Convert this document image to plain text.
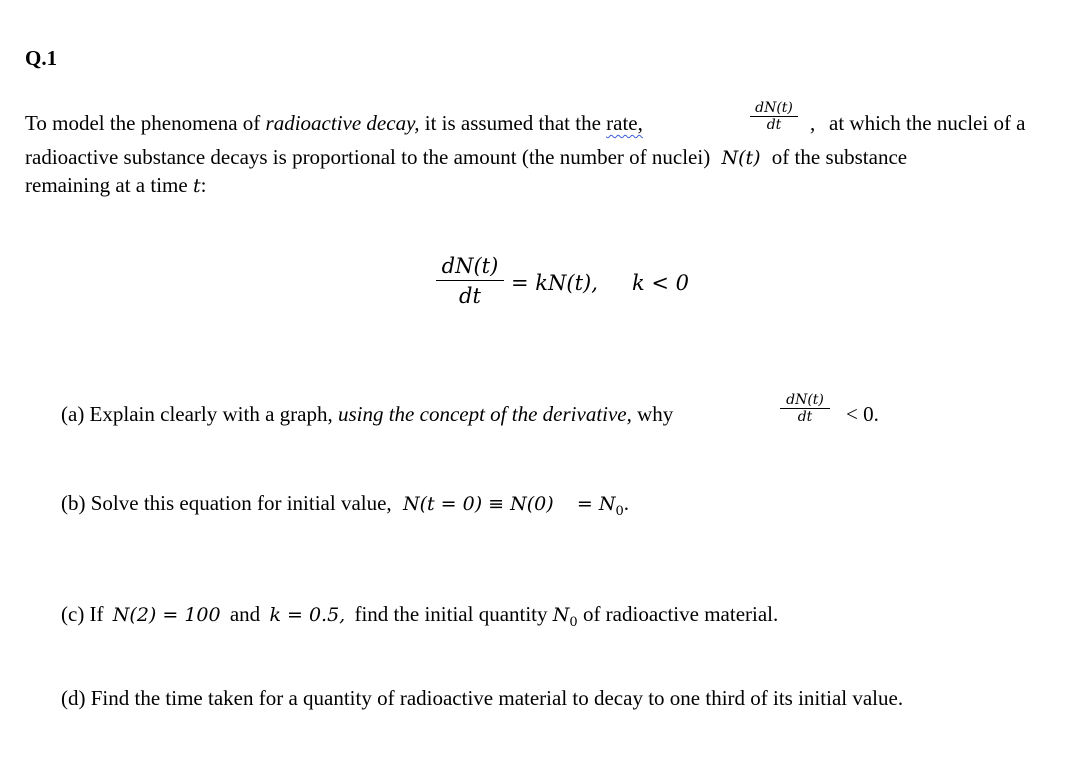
Q.1
To model the phenomena of radioactive decay, it is assumed that the rate,
dN(t)
dt	, at which the nuclei of a
radioactive substance decays is proportional to the amount (the number of nuclei) N(t) of the substance
remaining at a time t:
dN(t)
dt
= kN(t), k < 0
(a) Explain clearly with a graph, using the concept of the derivative, why
dN(t)
dt	< 0.
(b) Solve this equation for initial value, $N(t = 0) \equiv N(0) = N_0$.
(c) If N(2) = 100 and k = 0.5, find the initial quantity $N_0$ of radioactive material.
(d) Find the time taken for a quantity of radioactive material to decay to one third of its initial value.
